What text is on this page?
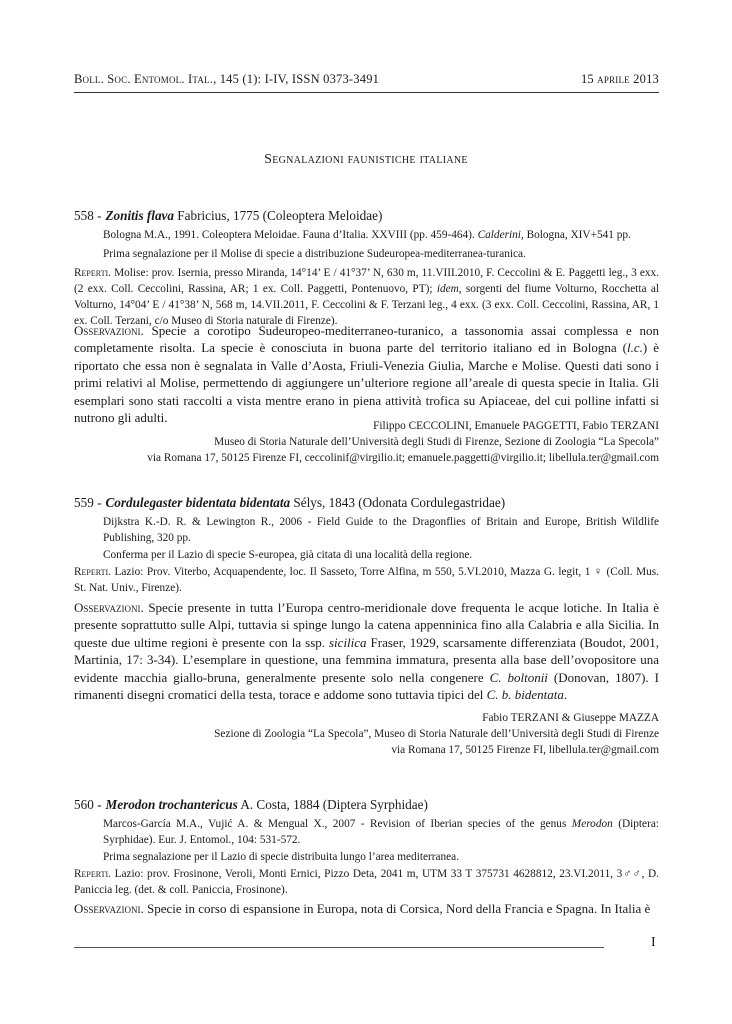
Boll. Soc. Entomol. Ital., 145 (1): I-IV, ISSN 0373-3491	15 aprile 2013
Segnalazioni faunistiche italiane
558 - Zonitis flava Fabricius, 1775 (Coleoptera Meloidae)
Bologna M.A., 1991. Coleoptera Meloidae. Fauna d’Italia. XXVIII (pp. 459-464). Calderini, Bologna, XIV+541 pp.
Prima segnalazione per il Molise di specie a distribuzione Sudeuropea-mediterranea-turanica.
Reperti. Molise: prov. Isernia, presso Miranda, 14°14’ E / 41°37’ N, 630 m, 11.VIII.2010, F. Ceccolini & E. Paggetti leg., 3 exx. (2 exx. Coll. Ceccolini, Rassina, AR; 1 ex. Coll. Paggetti, Pontenuovo, PT); idem, sorgenti del fiume Volturno, Rocchetta al Volturno, 14°04’ E / 41°38’ N, 568 m, 14.VII.2011, F. Ceccolini & F. Terzani leg., 4 exx. (3 exx. Coll. Ceccolini, Rassina, AR, 1 ex. Coll. Terzani, c/o Museo di Storia naturale di Firenze).
Osservazioni. Specie a corotipo Sudeuropeo-mediterraneo-turanico, a tassonomia assai complessa e non completamente risolta. La specie è conosciuta in buona parte del territorio italiano ed in Bologna (l.c.) è riportato che essa non è segnalata in Valle d’Aosta, Friuli-Venezia Giulia, Marche e Molise. Questi dati sono i primi relativi al Molise, permettendo di aggiungere un’ulteriore regione all’areale di questa specie in Italia. Gli esemplari sono stati raccolti a vista mentre erano in piena attività trofica su Apiaceae, del cui polline infatti si nutrono gli adulti.
Filippo CECCOLINI, Emanuele PAGGETTI, Fabio TERZANI
Museo di Storia Naturale dell’Università degli Studi di Firenze, Sezione di Zoologia “La Specola”
via Romana 17, 50125 Firenze FI, ceccolinif@virgilio.it; emanuele.paggetti@virgilio.it; libellula.ter@gmail.com
559 - Cordulegaster bidentata bidentata Sélys, 1843 (Odonata Cordulegastridae)
Dijkstra K.-D. R. & Lewington R., 2006 - Field Guide to the Dragonflies of Britain and Europe, British Wildlife Publishing, 320 pp.
Conferma per il Lazio di specie S-europea, già citata di una località della regione.
Reperti. Lazio: Prov. Viterbo, Acquapendente, loc. Il Sasseto, Torre Alfina, m 550, 5.VI.2010, Mazza G. legit, 1 ♀ (Coll. Mus. St. Nat. Univ., Firenze).
Osservazioni. Specie presente in tutta l’Europa centro-meridionale dove frequenta le acque lotiche. In Italia è presente soprattutto sulle Alpi, tuttavia si spinge lungo la catena appenninica fino alla Calabria e alla Sicilia. In queste due ultime regioni è presente con la ssp. sicilica Fraser, 1929, scarsamente differenziata (Boudot, 2001, Martinia, 17: 3-34). L’esemplare in questione, una femmina immatura, presenta alla base dell’ovopositore una evidente macchia giallo-bruna, generalmente presente solo nella congenere C. boltonii (Donovan, 1807). I rimanenti disegni cromatici della testa, torace e addome sono tuttavia tipici del C. b. bidentata.
Fabio TERZANI & Giuseppe MAZZA
Sezione di Zoologia “La Specola”, Museo di Storia Naturale dell’Università degli Studi di Firenze
via Romana 17, 50125 Firenze FI, libellula.ter@gmail.com
560 - Merodon trochantericus A. Costa, 1884 (Diptera Syrphidae)
Marcos-García M.A., Vujić A. & Mengual X., 2007 - Revision of Iberian species of the genus Merodon (Diptera: Syrphidae). Eur. J. Entomol., 104: 531-572.
Prima segnalazione per il Lazio di specie distribuita lungo l’area mediterranea.
Reperti. Lazio: prov. Frosinone, Veroli, Monti Ernici, Pizzo Deta, 2041 m, UTM 33 T 375731 4628812, 23.VI.2011, 3♂♂, D. Paniccia leg. (det. & coll. Paniccia, Frosinone).
Osservazioni. Specie in corso di espansione in Europa, nota di Corsica, Nord della Francia e Spagna. In Italia è
I
